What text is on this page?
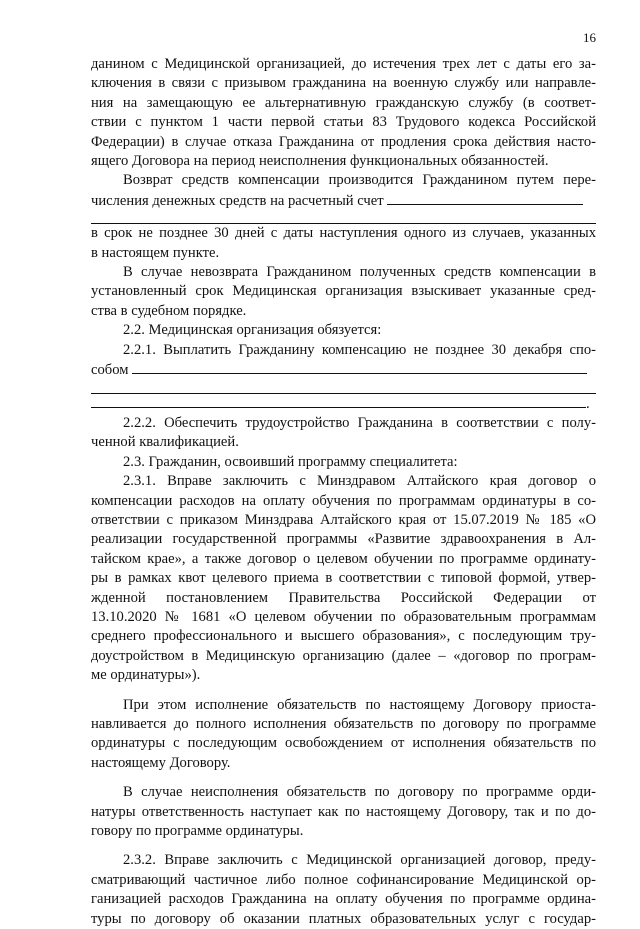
16
данином с Медицинской организацией, до истечения трех лет с даты его за-
ключения в связи с призывом гражданина на военную службу или направле-
ния на замещающую ее альтернативную гражданскую службу (в соответ-
ствии с пунктом 1 части первой статьи 83 Трудового кодекса Российской
Федерации) в случае отказа Гражданина от продления срока действия насто-
ящего Договора на период неисполнения функциональных обязанностей.
Возврат средств компенсации производится Гражданином путем пере-
числения денежных средств на расчетный счет
в срок не позднее 30 дней с даты наступления одного из случаев, указанных
в настоящем пункте.
В случае невозврата Гражданином полученных средств компенсации в
установленный срок Медицинская организация взыскивает указанные сред-
ства в судебном порядке.
2.2. Медицинская организация обязуется:
2.2.1. Выплатить Гражданину компенсацию не позднее 30 декабря спо-
собом
.
2.2.2. Обеспечить трудоустройство Гражданина в соответствии с полу-
ченной квалификацией.
2.3. Гражданин, освоивший программу специалитета:
2.3.1. Вправе заключить с Минздравом Алтайского края договор о
компенсации расходов на оплату обучения по программам ординатуры в со-
ответствии с приказом Минздрава Алтайского края от 15.07.2019 № 185 «О
реализации государственной программы «Развитие здравоохранения в Ал-
тайском крае», а также договор о целевом обучении по программе ординату-
ры в рамках квот целевого приема в соответствии с типовой формой, утвер-
жденной постановлением Правительства Российской Федерации от
13.10.2020 № 1681 «О целевом обучении по образовательным программам
среднего профессионального и высшего образования», с последующим тру-
доустройством в Медицинскую организацию (далее – «договор по програм-
ме ординатуры»).
При этом исполнение обязательств по настоящему Договору приоста-
навливается до полного исполнения обязательств по договору по программе
ординатуры с последующим освобождением от исполнения обязательств по
настоящему Договору.
В случае неисполнения обязательств по договору по программе орди-
натуры ответственность наступает как по настоящему Договору, так и по до-
говору по программе ординатуры.
2.3.2. Вправе заключить с Медицинской организацией договор, преду-
сматривающий частичное либо полное софинансирование Медицинской ор-
ганизацией расходов Гражданина на оплату обучения по программе ордина-
туры по договору об оказании платных образовательных услуг с государ-
